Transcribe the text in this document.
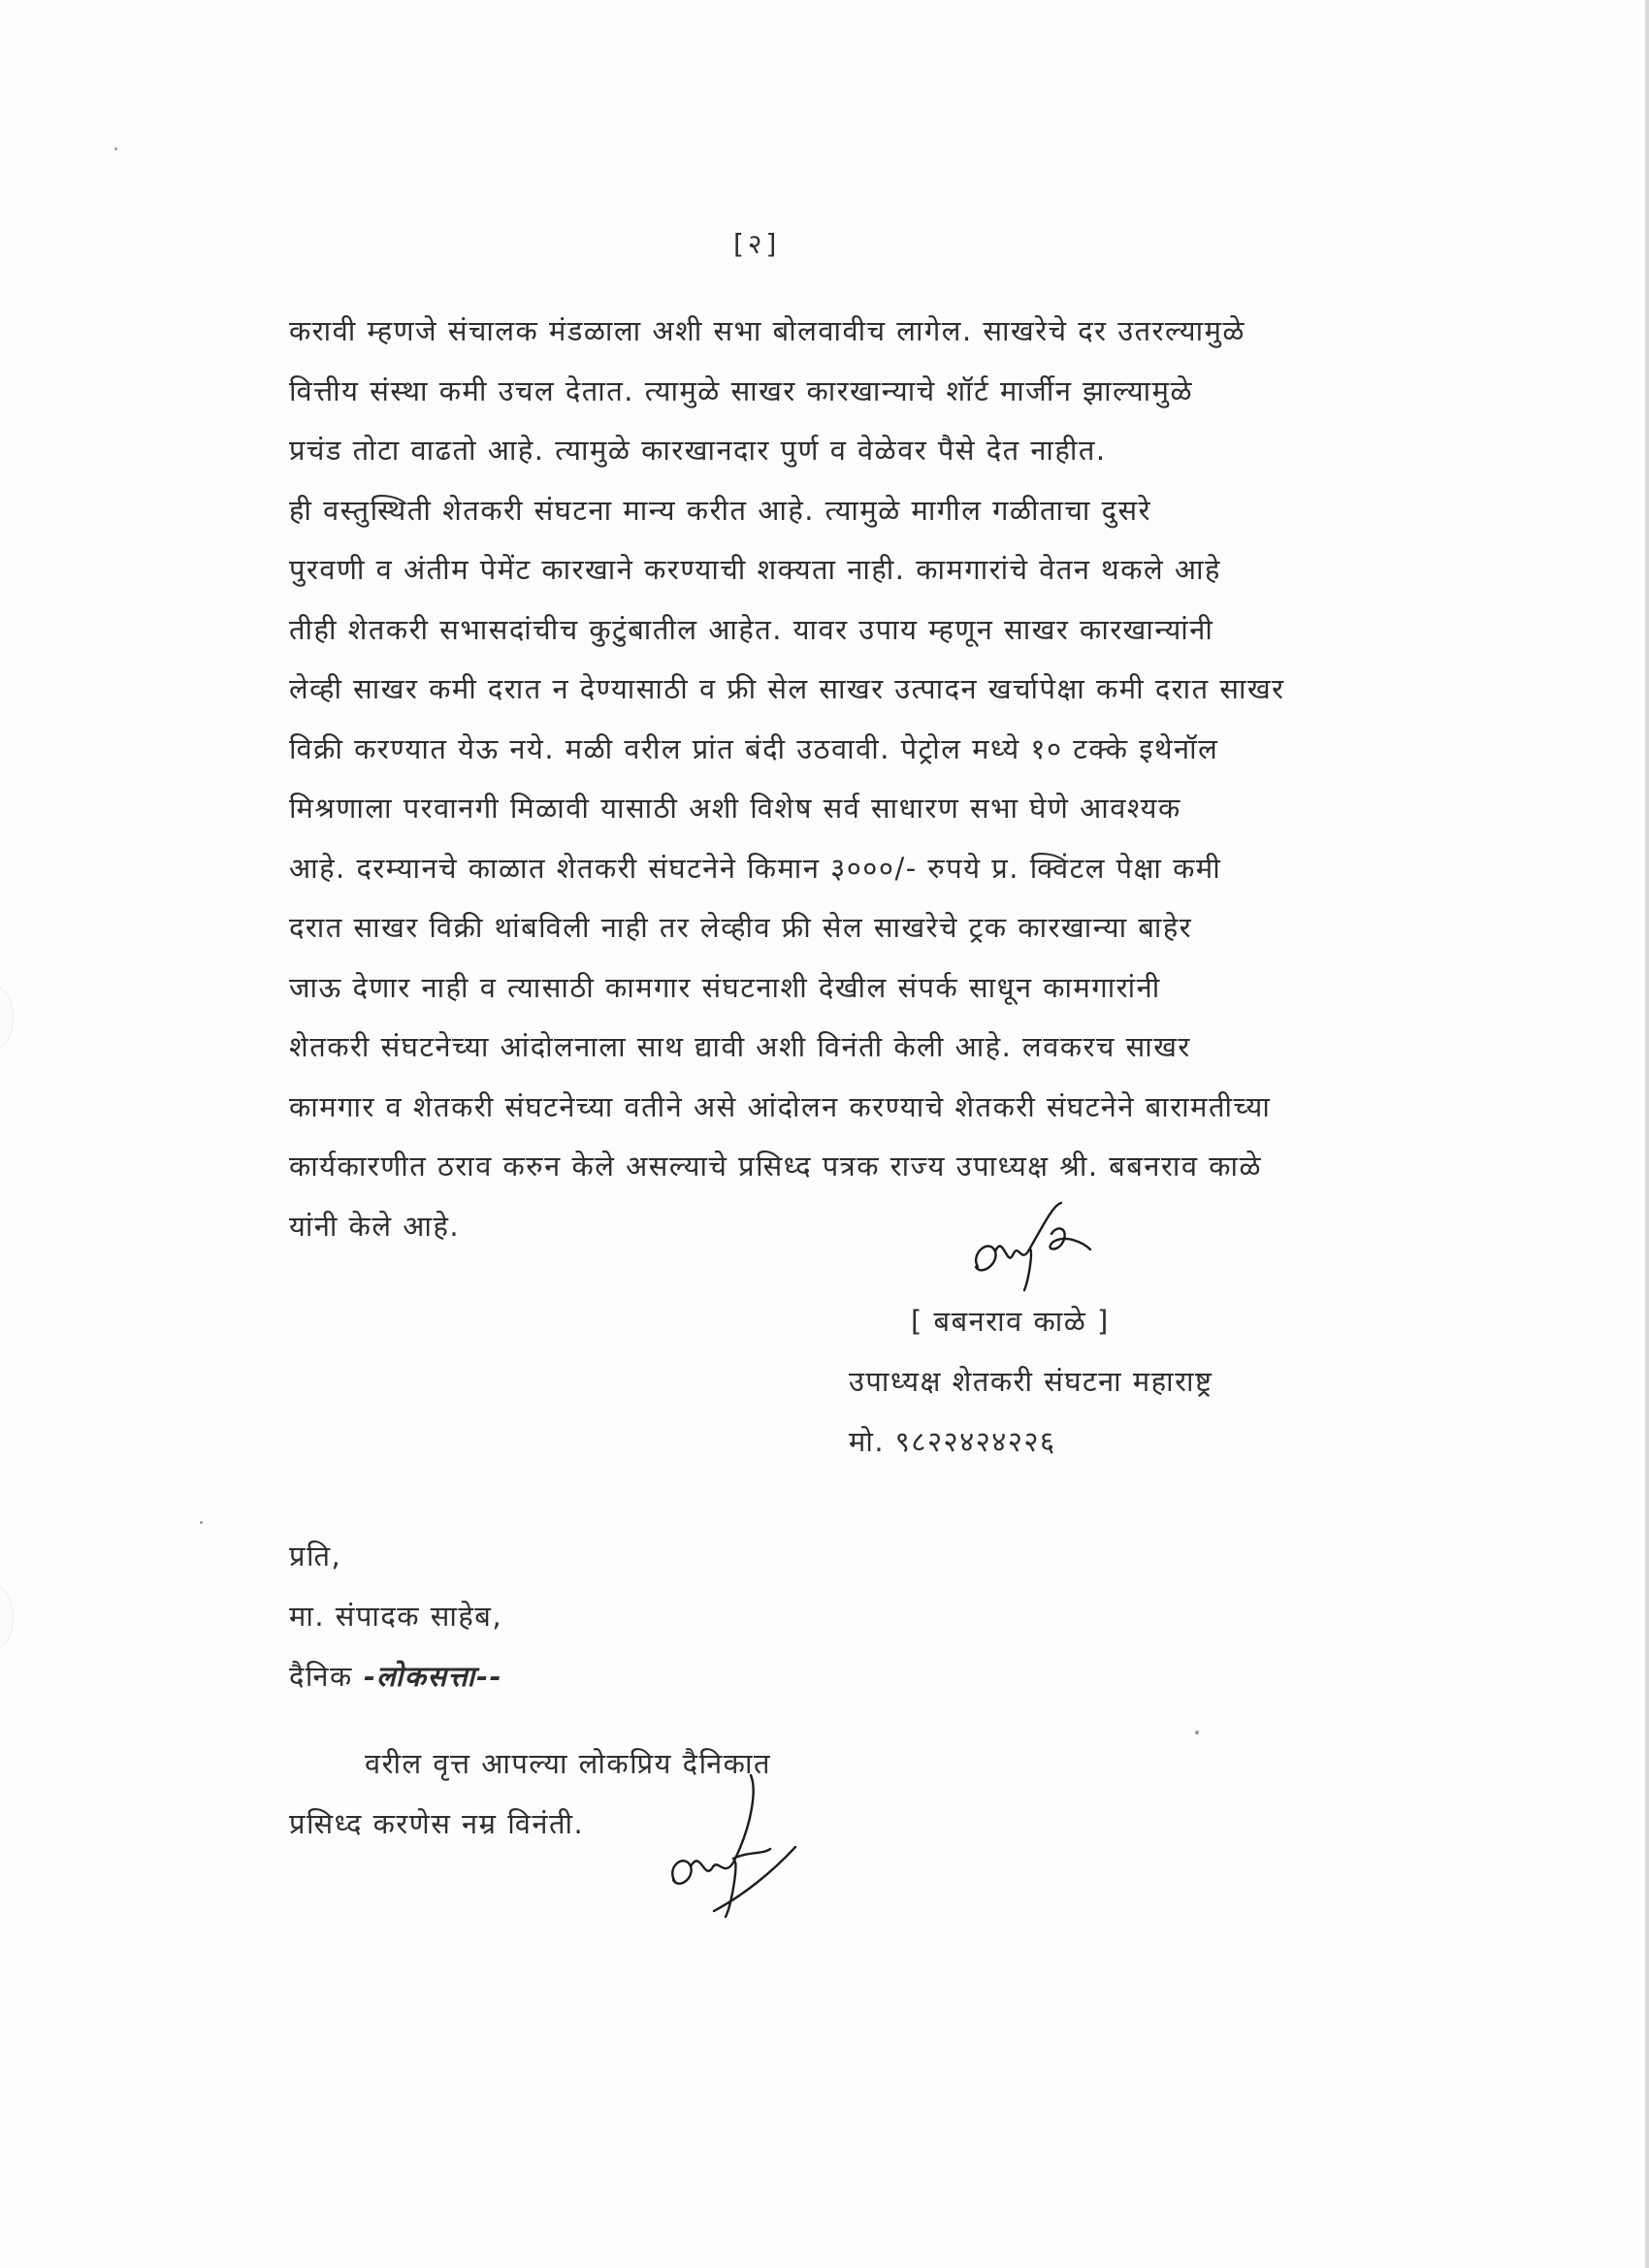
[२]
करावी म्हणजे संचालक मंडळाला अशी सभा बोलवावीच लागेल. साखरेचे दर उतरल्यामुळे
वित्तीय संस्था कमी उचल देतात. त्यामुळे साखर कारखान्याचे शॉर्ट मार्जीन झाल्यामुळे
प्रचंड तोटा वाढतो आहे. त्यामुळे कारखानदार पुर्ण व वेळेवर पैसे देत नाहीत.
ही वस्तुस्थिती शेतकरी संघटना मान्य करीत आहे. त्यामुळे मागील गळीताचा दुसरे
पुरवणी व अंतीम पेमेंट कारखाने करण्याची शक्यता नाही. कामगारांचे वेतन थकले आहे
तीही शेतकरी सभासदांचीच कुटुंबातील आहेत. यावर उपाय म्हणून साखर कारखान्यांनी
लेव्ही साखर कमी दरात न देण्यासाठी व फ्री सेल साखर उत्पादन खर्चापेक्षा कमी दरात साखर
विक्री करण्यात येऊ नये. मळी वरील प्रांत बंदी उठवावी. पेट्रोल मध्ये १० टक्के इथेनॉल
मिश्रणाला परवानगी मिळावी यासाठी अशी विशेष सर्व साधारण सभा घेणे आवश्यक
आहे. दरम्यानचे काळात शेतकरी संघटनेने किमान ३०००/- रुपये प्र. क्विंटल पेक्षा कमी
दरात साखर विक्री थांबविली नाही तर लेव्हीव फ्री सेल साखरेचे ट्रक कारखान्या बाहेर
जाऊ देणार नाही व त्यासाठी कामगार संघटनाशी देखील संपर्क साधून कामगारांनी
शेतकरी संघटनेच्या आंदोलनाला साथ द्यावी अशी विनंती केली आहे. लवकरच साखर
कामगार व शेतकरी संघटनेच्या वतीने असे आंदोलन करण्याचे शेतकरी संघटनेने बारामतीच्या
कार्यकारणीत ठराव करुन केले असल्याचे प्रसिध्द पत्रक राज्य उपाध्यक्ष श्री. बबनराव काळे
यांनी केले आहे.
[ बबनराव काळे ]
उपाध्यक्ष शेतकरी संघटना महाराष्ट्र
मो. ९८२२४२४२२६
प्रति,
मा. संपादक साहेब,
दैनिक -लोकसत्ता--
वरील वृत्त आपल्या लोकप्रिय दैनिकात
प्रसिध्द करणेस नम्र विनंती.
